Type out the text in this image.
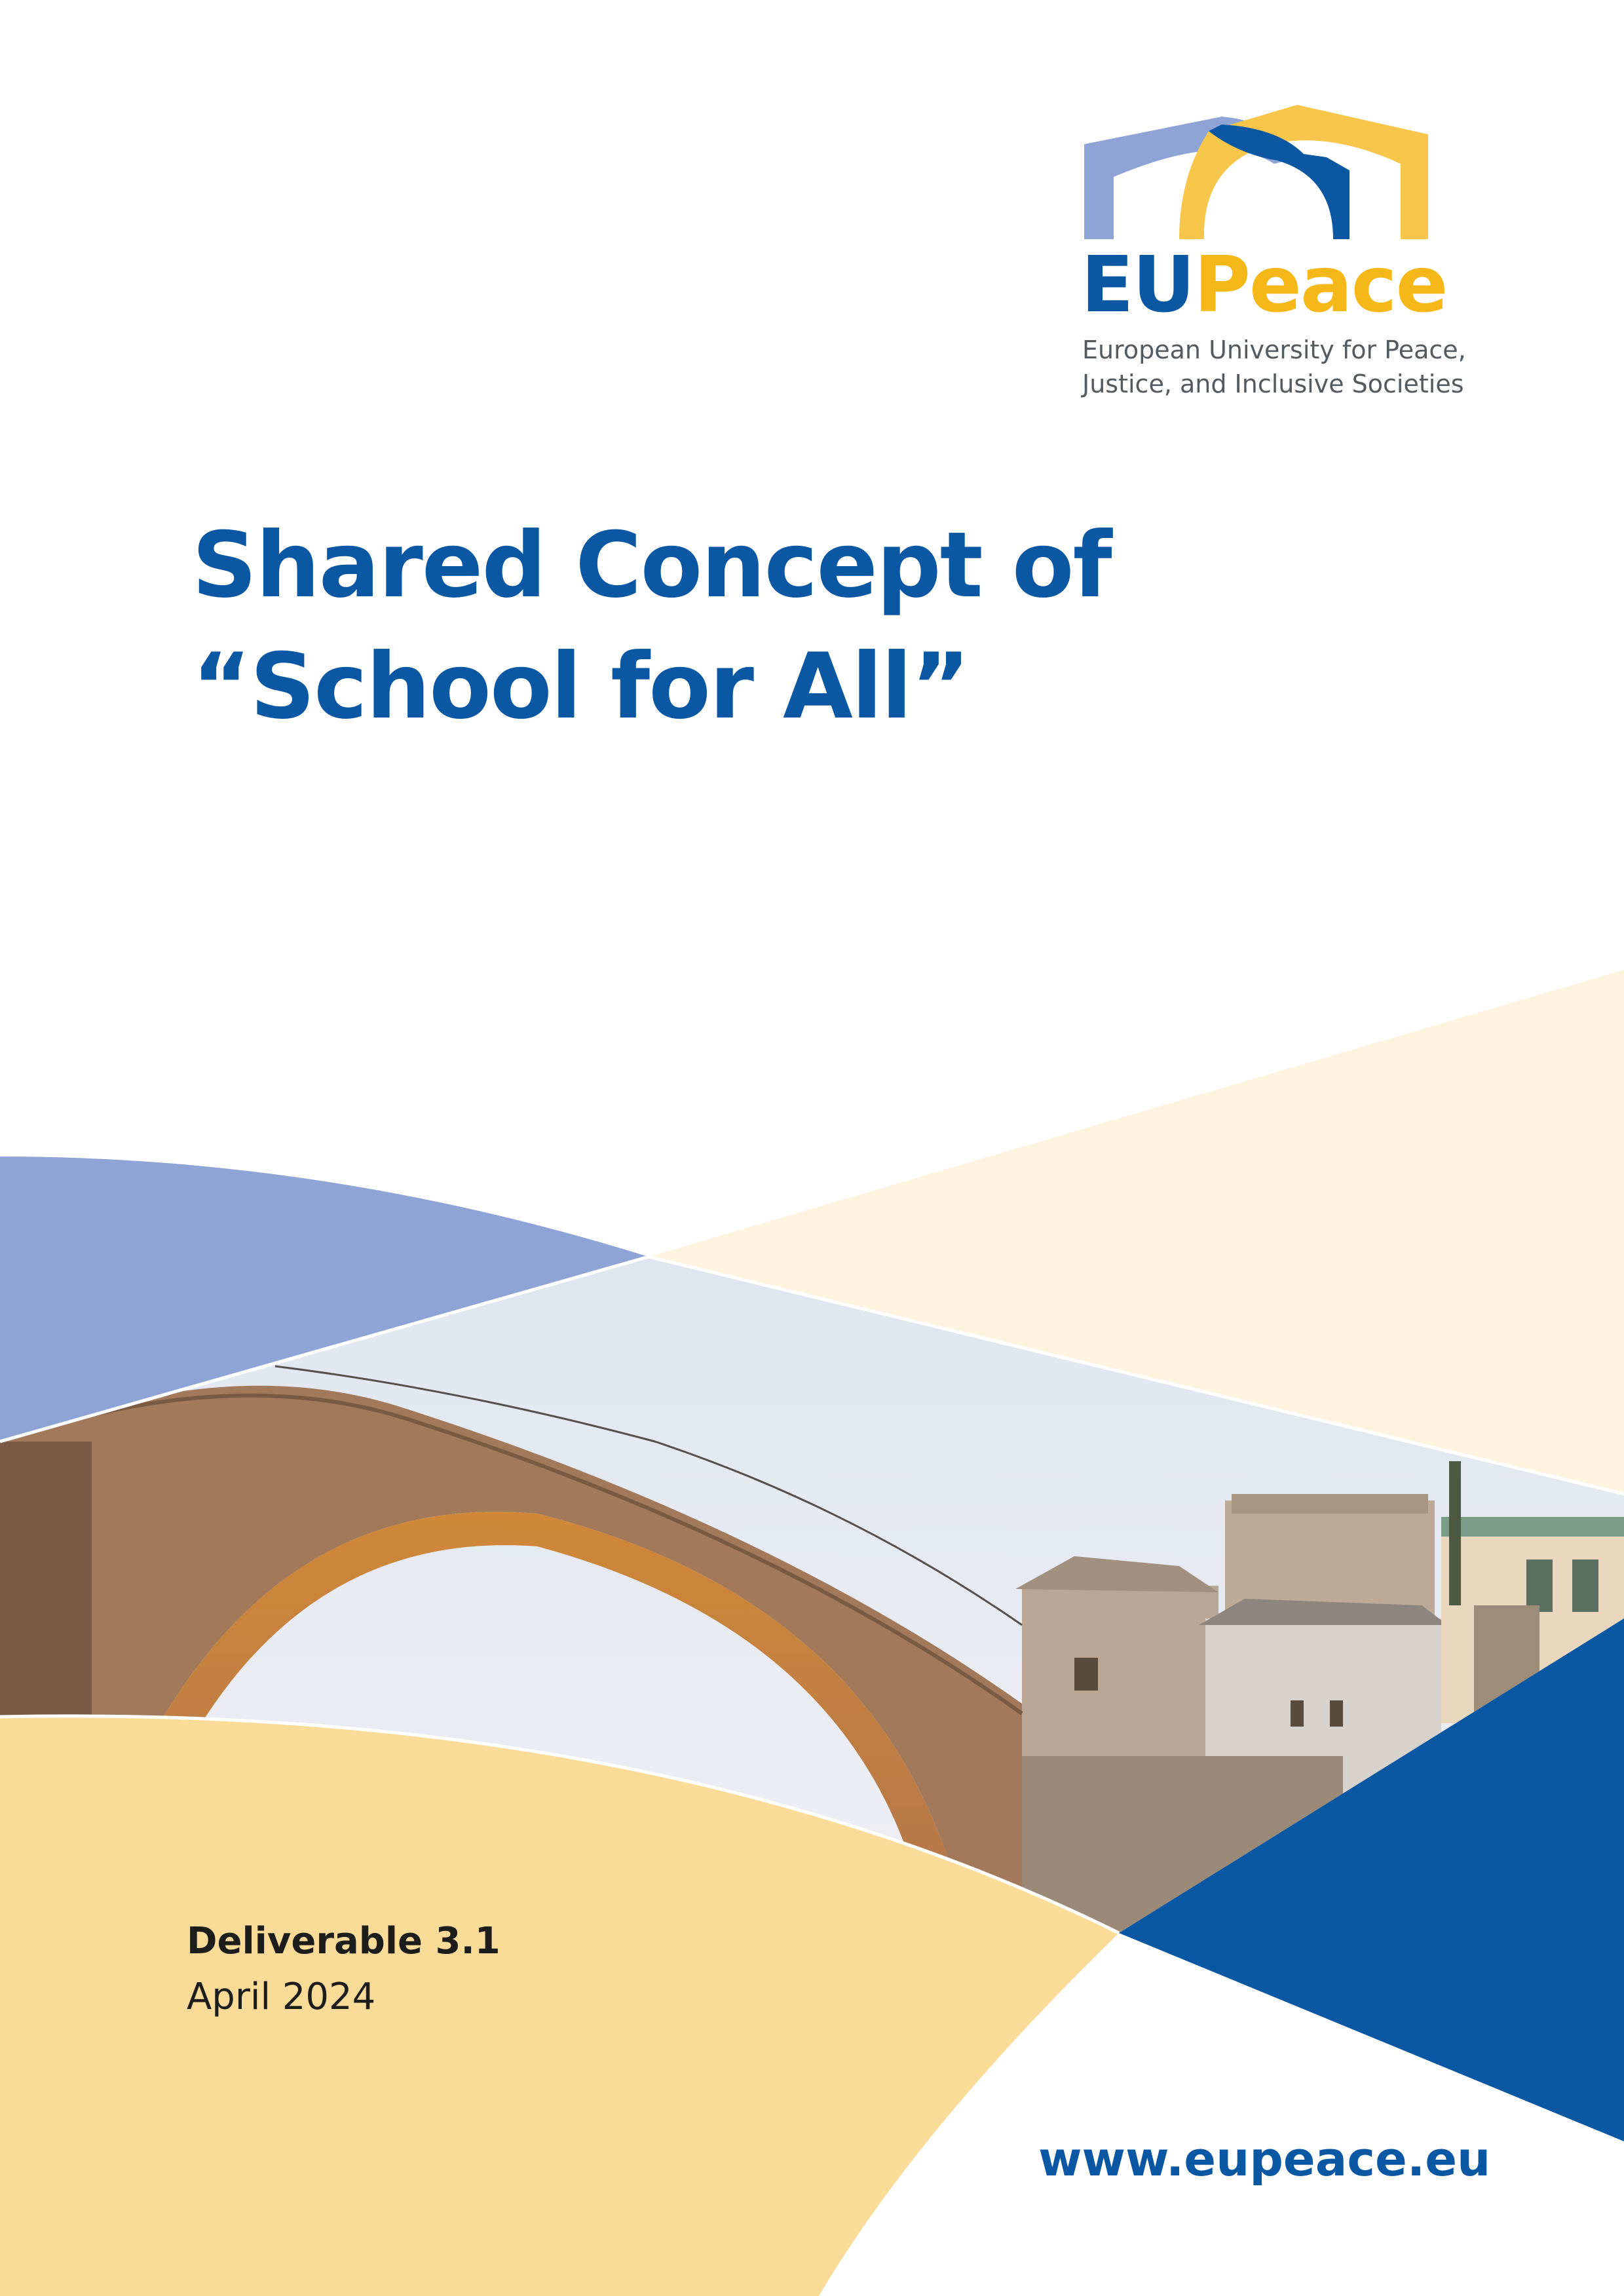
EUPeace
European University for Peace,
Justice, and Inclusive Societies
Shared Concept of
“School for All”
Deliverable 3.1
April 2024
www.eupeace.eu
